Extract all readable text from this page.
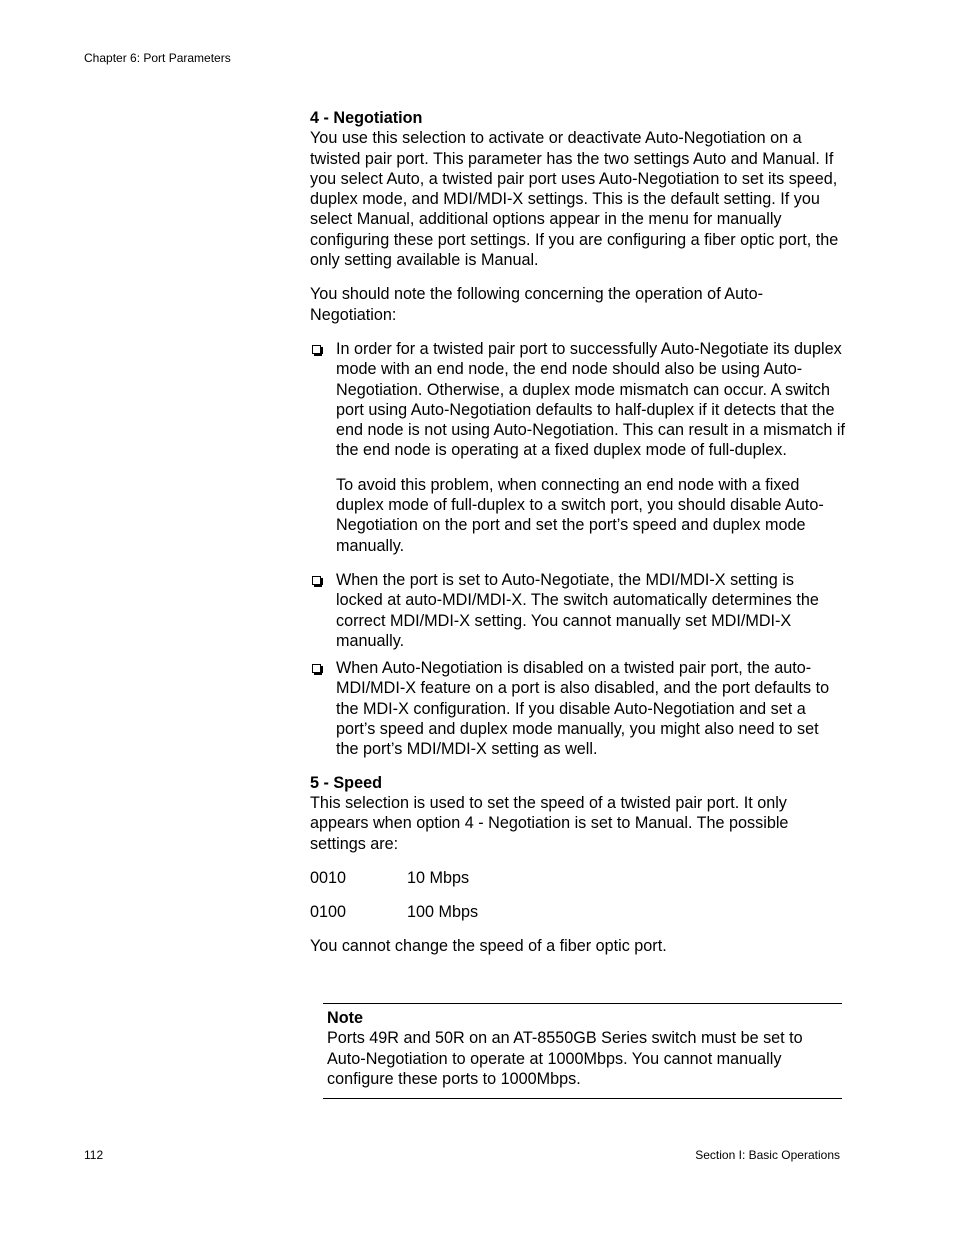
Chapter 6: Port Parameters

4 - Negotiation

You use this selection to activate or deactivate Auto-Negotiation on a twisted pair port. This parameter has the two settings Auto and Manual. If you select Auto, a twisted pair port uses Auto-Negotiation to set its speed, duplex mode, and MDI/MDI-X settings. This is the default setting. If you select Manual, additional options appear in the menu for manually configuring these port settings. If you are configuring a fiber optic port, the only setting available is Manual.

You should note the following concerning the operation of Auto-Negotiation:

In order for a twisted pair port to successfully Auto-Negotiate its duplex mode with an end node, the end node should also be using Auto-Negotiation. Otherwise, a duplex mode mismatch can occur. A switch port using Auto-Negotiation defaults to half-duplex if it detects that the end node is not using Auto-Negotiation. This can result in a mismatch if the end node is operating at a fixed duplex mode of full-duplex.

To avoid this problem, when connecting an end node with a fixed duplex mode of full-duplex to a switch port, you should disable Auto-Negotiation on the port and set the port’s speed and duplex mode manually.

When the port is set to Auto-Negotiate, the MDI/MDI-X setting is locked at auto-MDI/MDI-X. The switch automatically determines the correct MDI/MDI-X setting. You cannot manually set MDI/MDI-X manually.

When Auto-Negotiation is disabled on a twisted pair port, the auto-MDI/MDI-X feature on a port is also disabled, and the port defaults to the MDI-X configuration. If you disable Auto-Negotiation and set a port’s speed and duplex mode manually, you might also need to set the port’s MDI/MDI-X setting as well.

5 - Speed

This selection is used to set the speed of a twisted pair port. It only appears when option 4 - Negotiation is set to Manual. The possible settings are:

0010	10 Mbps
0100	100 Mbps

You cannot change the speed of a fiber optic port.

Note

Ports 49R and 50R on an AT-8550GB Series switch must be set to Auto-Negotiation to operate at 1000Mbps. You cannot manually configure these ports to 1000Mbps.

112	Section I: Basic Operations
